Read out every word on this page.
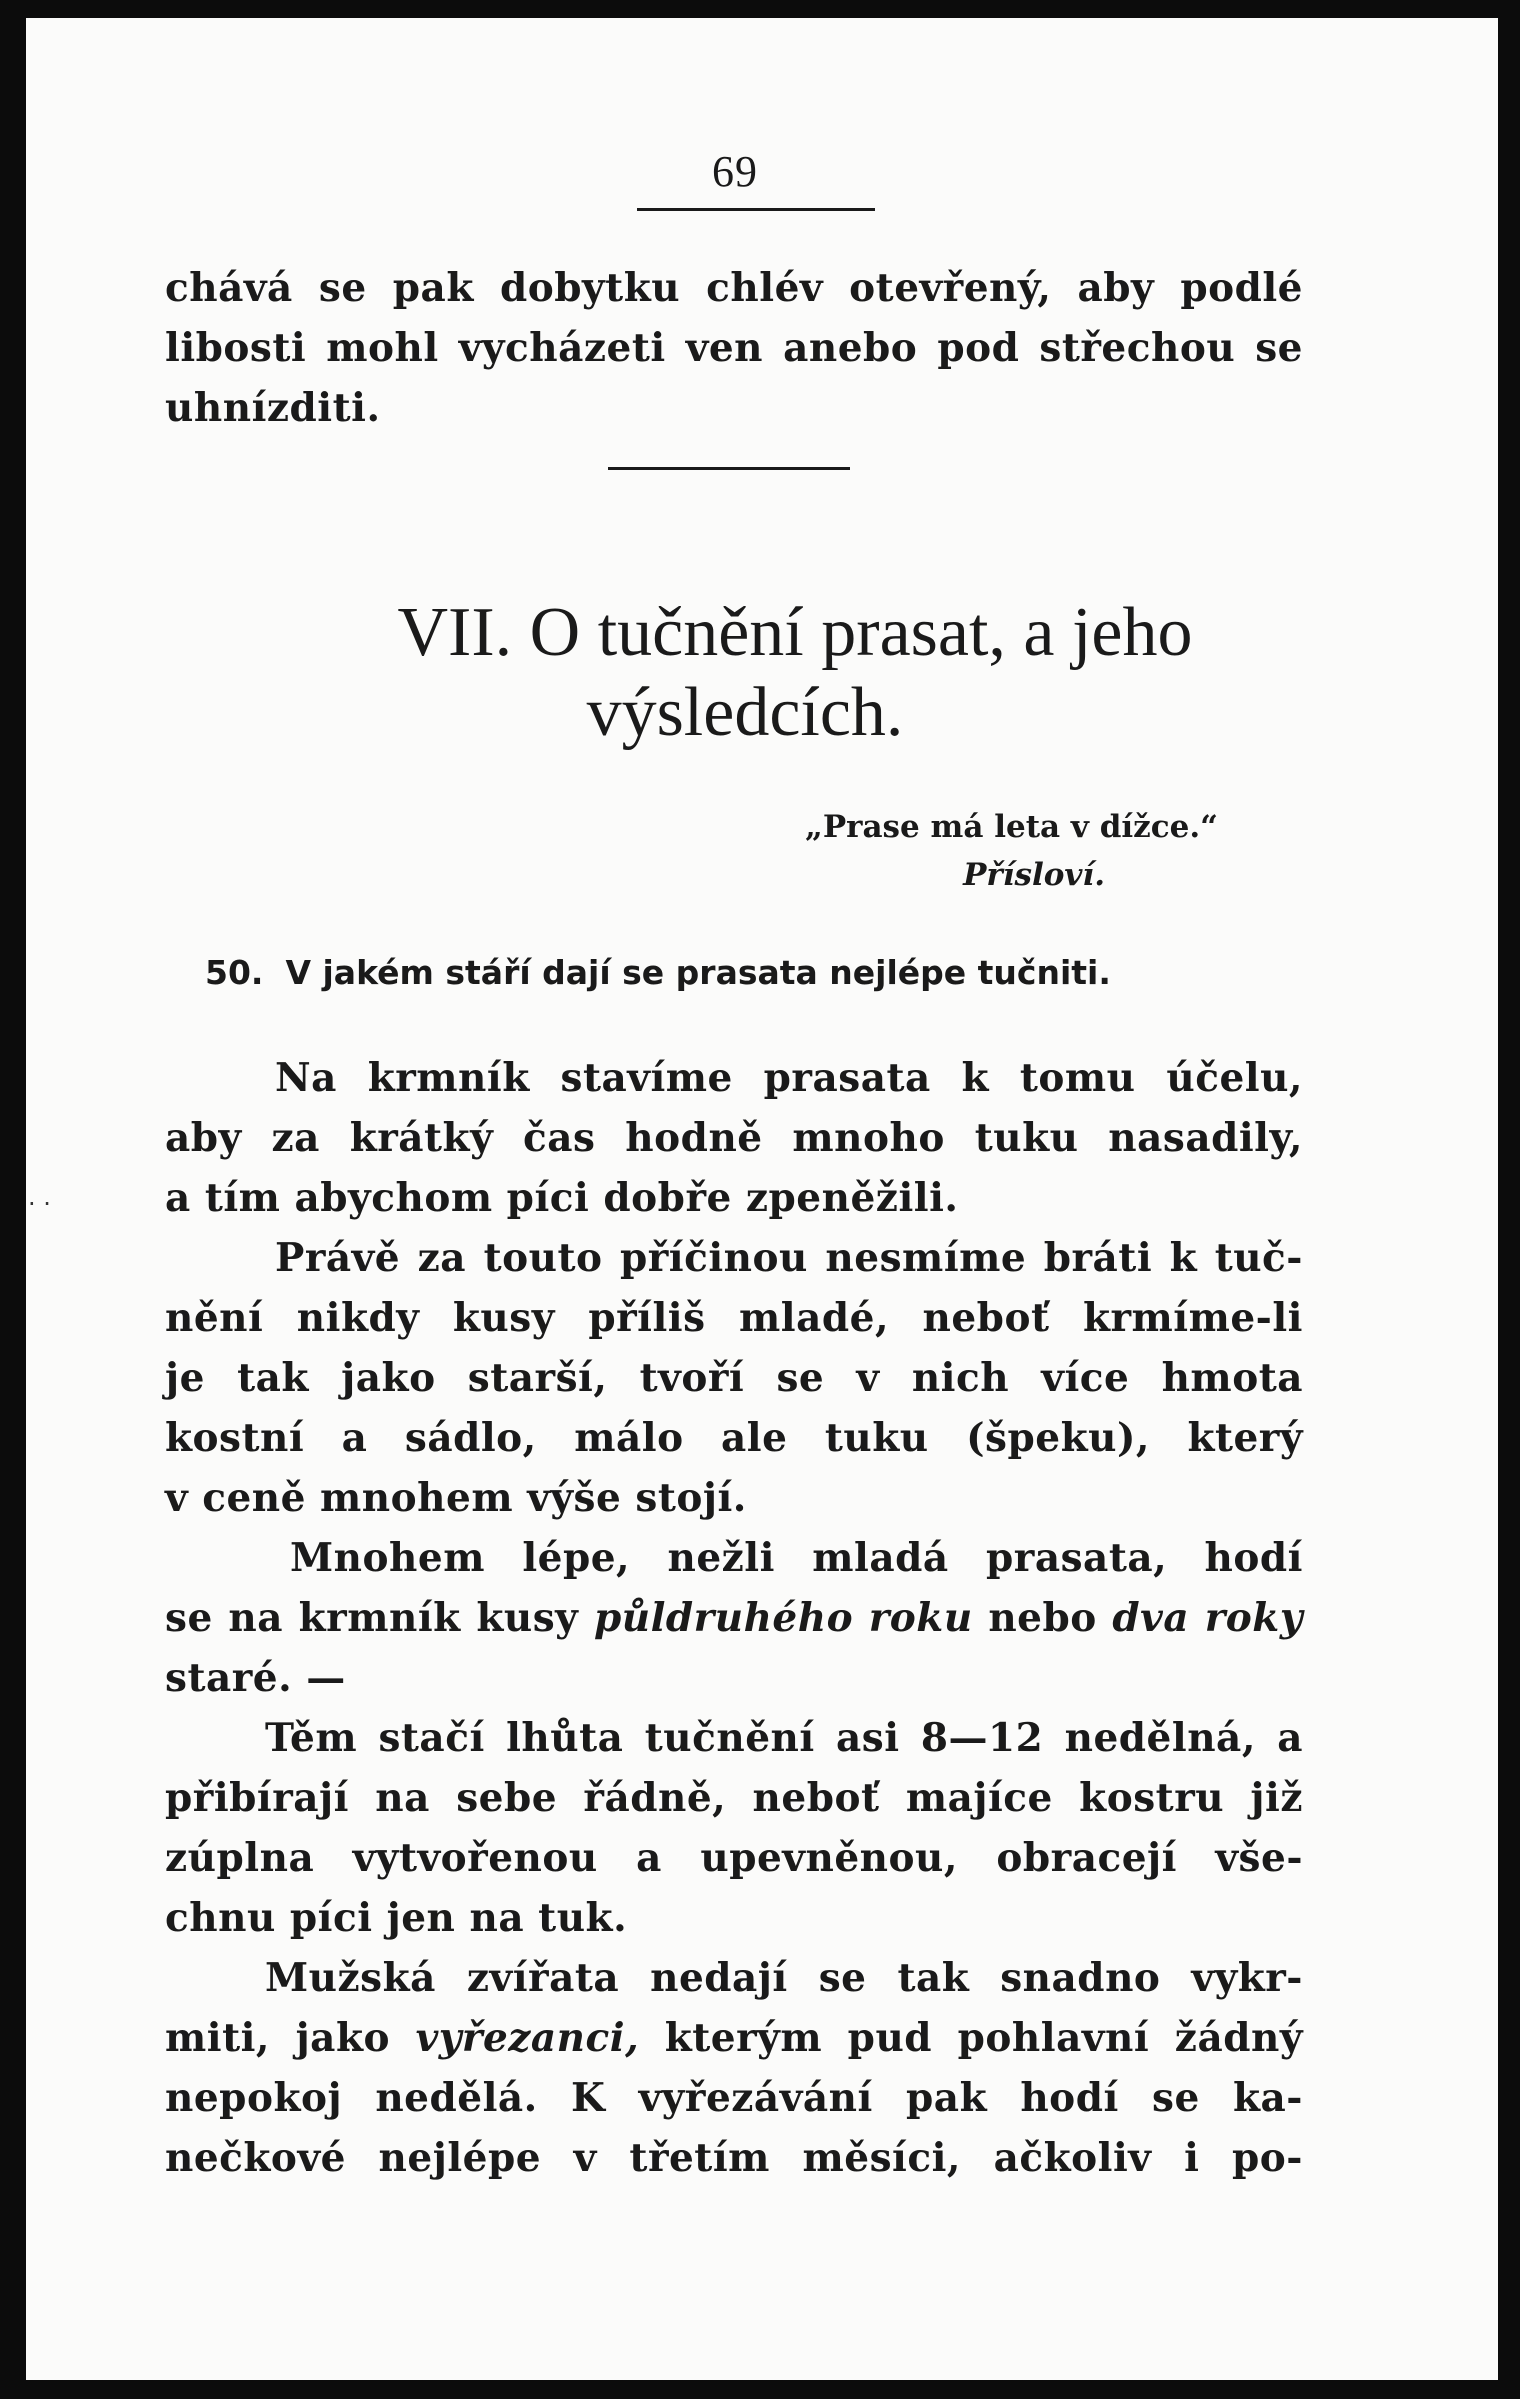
· ·
69
chává se pak dobytku chlév otevřený, aby podlé
libosti mohl vycházeti ven anebo pod střechou se
uhnízditi.
VII. O tučnění prasat, a jeho
výsledcích.
„Prase má leta v dížce.“
Přísloví.
50. V jakém stáří dají se prasata nejlépe tučniti.
Na krmník stavíme prasata k tomu účelu,
aby za krátký čas hodně mnoho tuku nasadily,
a tím abychom píci dobře zpeněžili.
Právě za touto příčinou nesmíme bráti k tuč-
nění nikdy kusy příliš mladé, neboť krmíme-li
je tak jako starší, tvoří se v nich více hmota
kostní a sádlo, málo ale tuku (špeku), který
v ceně mnohem výše stojí.
Mnohem lépe, nežli mladá prasata, hodí
se na krmník kusy půldruhého roku nebo dva roky
staré. —
Těm stačí lhůta tučnění asi 8—12 nedělná, a
přibírají na sebe řádně, neboť majíce kostru již
zúplna vytvořenou a upevněnou, obracejí vše-
chnu píci jen na tuk.
Mužská zvířata nedají se tak snadno vykr-
miti, jako vyřezanci, kterým pud pohlavní žádný
nepokoj nedělá. K vyřezávání pak hodí se ka-
nečkové nejlépe v třetím měsíci, ačkoliv i po-
